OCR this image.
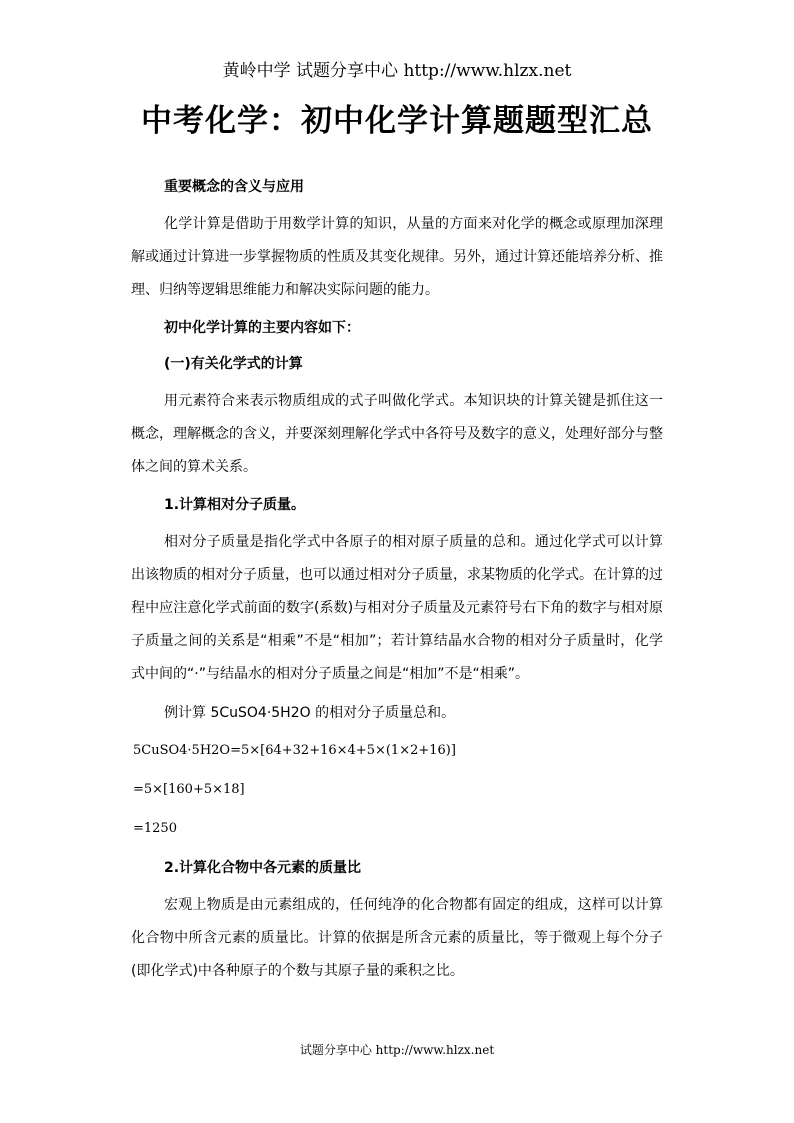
黄岭中学 试题分享中心 http://www.hlzx.net
中考化学：初中化学计算题题型汇总
重要概念的含义与应用
化学计算是借助于用数学计算的知识，从量的方面来对化学的概念或原理加深理解或通过计算进一步掌握物质的性质及其变化规律。另外，通过计算还能培养分析、推理、归纳等逻辑思维能力和解决实际问题的能力。
初中化学计算的主要内容如下：
(一)有关化学式的计算
用元素符合来表示物质组成的式子叫做化学式。本知识块的计算关键是抓住这一概念，理解概念的含义，并要深刻理解化学式中各符号及数字的意义，处理好部分与整体之间的算术关系。
1.计算相对分子质量。
相对分子质量是指化学式中各原子的相对原子质量的总和。通过化学式可以计算出该物质的相对分子质量，也可以通过相对分子质量，求某物质的化学式。在计算的过程中应注意化学式前面的数字(系数)与相对分子质量及元素符号右下角的数字与相对原子质量之间的关系是“相乘”不是“相加”；若计算结晶水合物的相对分子质量时，化学式中间的“·”与结晶水的相对分子质量之间是“相加”不是“相乘”。
例计算 5CuSO4·5H2O 的相对分子质量总和。
5CuSO4·5H2O=5×[64+32+16×4+5×(1×2+16)]
=5×[160+5×18]
=1250
2.计算化合物中各元素的质量比
宏观上物质是由元素组成的，任何纯净的化合物都有固定的组成，这样可以计算化合物中所含元素的质量比。计算的依据是所含元素的质量比，等于微观上每个分子(即化学式)中各种原子的个数与其原子量的乘积之比。
试题分享中心 http://www.hlzx.net
